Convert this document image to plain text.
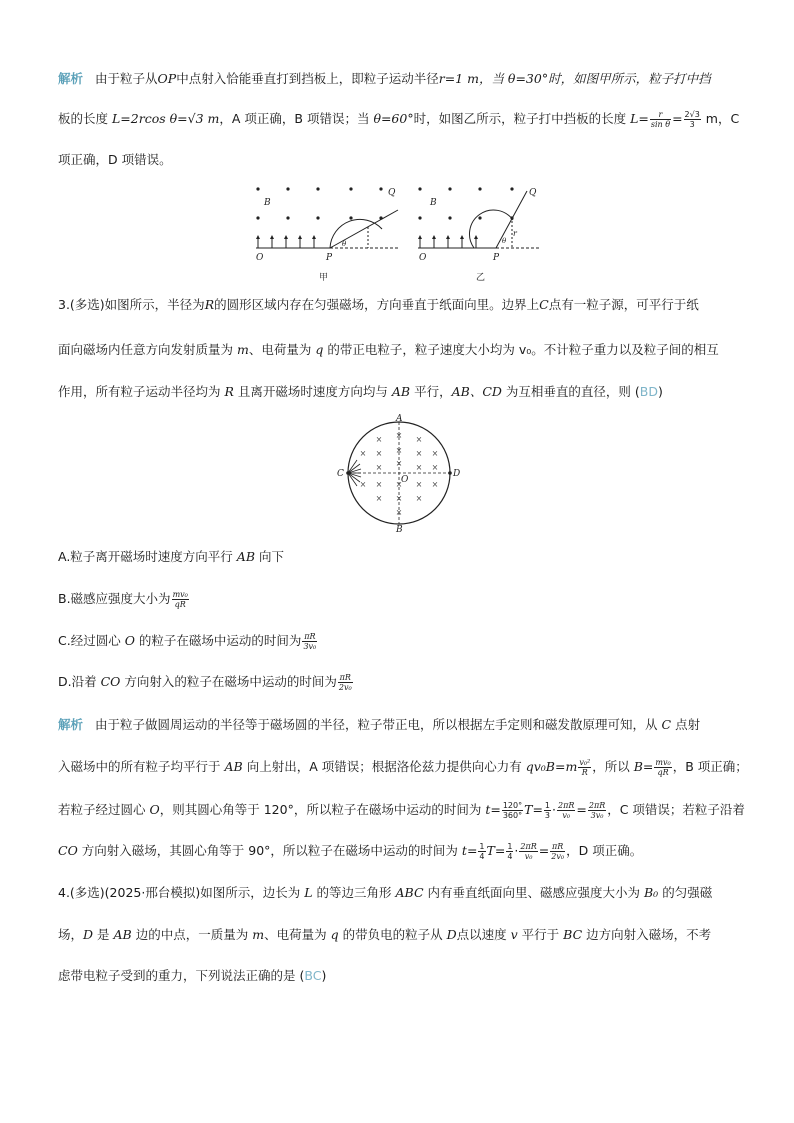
解析 由于粒子从OP中点射入恰能垂直打到挡板上，即粒子运动半径r=1 m，当 θ=30°时，如图甲所示，粒子打中挡
板的长度 L=2rcos θ=√3 m，A 项正确，B 项错误；当 θ=60°时，如图乙所示，粒子打中挡板的长度 $L= \frac{r}{\text{sin θ}} = \frac{2√3}{3}$ m，C
项正确，D 项错误。
B
Q
O	P
θ
甲
B
Q
O	P
θ
r
乙
3.(多选)如图所示，半径为R的圆形区域内存在匀强磁场，方向垂直于纸面向里。边界上C点有一粒子源，可平行于纸
面向磁场内任意方向发射质量为 m、电荷量为 q 的带正电粒子，粒子速度大小均为 v₀。不计粒子重力以及粒子间的相互
作用，所有粒子运动半径均为 R 且离开磁场时速度方向均与 AB 平行，AB、CD 为互相垂直的直径，则 (BD)
×
×	×
×
×	× ×
×
×	×
×
×
×
×	× ×
×
×
×	×
×
A
B
C	D
O
A.粒子离开磁场时速度方向平行 AB 向下
B.磁感应强度大小为 $\frac{\text{mv₀}}{qR}$
C.经过圆心 O 的粒子在磁场中运动的时间为 $\frac{\pi R}{\text{3v₀}}$
D.沿着 CO 方向射入的粒子在磁场中运动的时间为 $\frac{\pi R}{\text{2v₀}}$
解析 由于粒子做圆周运动的半径等于磁场圆的半径，粒子带正电，所以根据左手定则和磁发散原理可知，从 C 点射
入磁场中的所有粒子均平行于 AB 向上射出，A 项错误；根据洛伦兹力提供向心力有 $qv_0B=m \frac{\text{v₀²}}{R}$ ，所以 $B= \frac{\text{mv₀}}{qR}$ ，B 项正确；
若粒子经过圆心 O，则其圆心角等于 120°，所以粒子在磁场中运动的时间为 $t= \frac{120^\circ}{360^\circ} T= \frac{1}{3} \cdot \frac{2\pi R}{\text{v₀}} = \frac{2\pi R}{\text{3v₀}}$ ，C 项错误；若粒子沿着
CO 方向射入磁场，其圆心角等于 90°，所以粒子在磁场中运动的时间为 $t= \frac{1}{4} T= \frac{1}{4} \cdot \frac{2\pi R}{\text{v₀}} = \frac{\pi R}{\text{2v₀}}$ ，D 项正确。
4.(多选)(2025·邢台模拟)如图所示，边长为 L 的等边三角形 ABC 内有垂直纸面向里、磁感应强度大小为 B₀ 的匀强磁
场，D 是 AB 边的中点，一质量为 m、电荷量为 q 的带负电的粒子从 D点以速度 v 平行于 BC 边方向射入磁场，不考
虑带电粒子受到的重力，下列说法正确的是 (BC)
